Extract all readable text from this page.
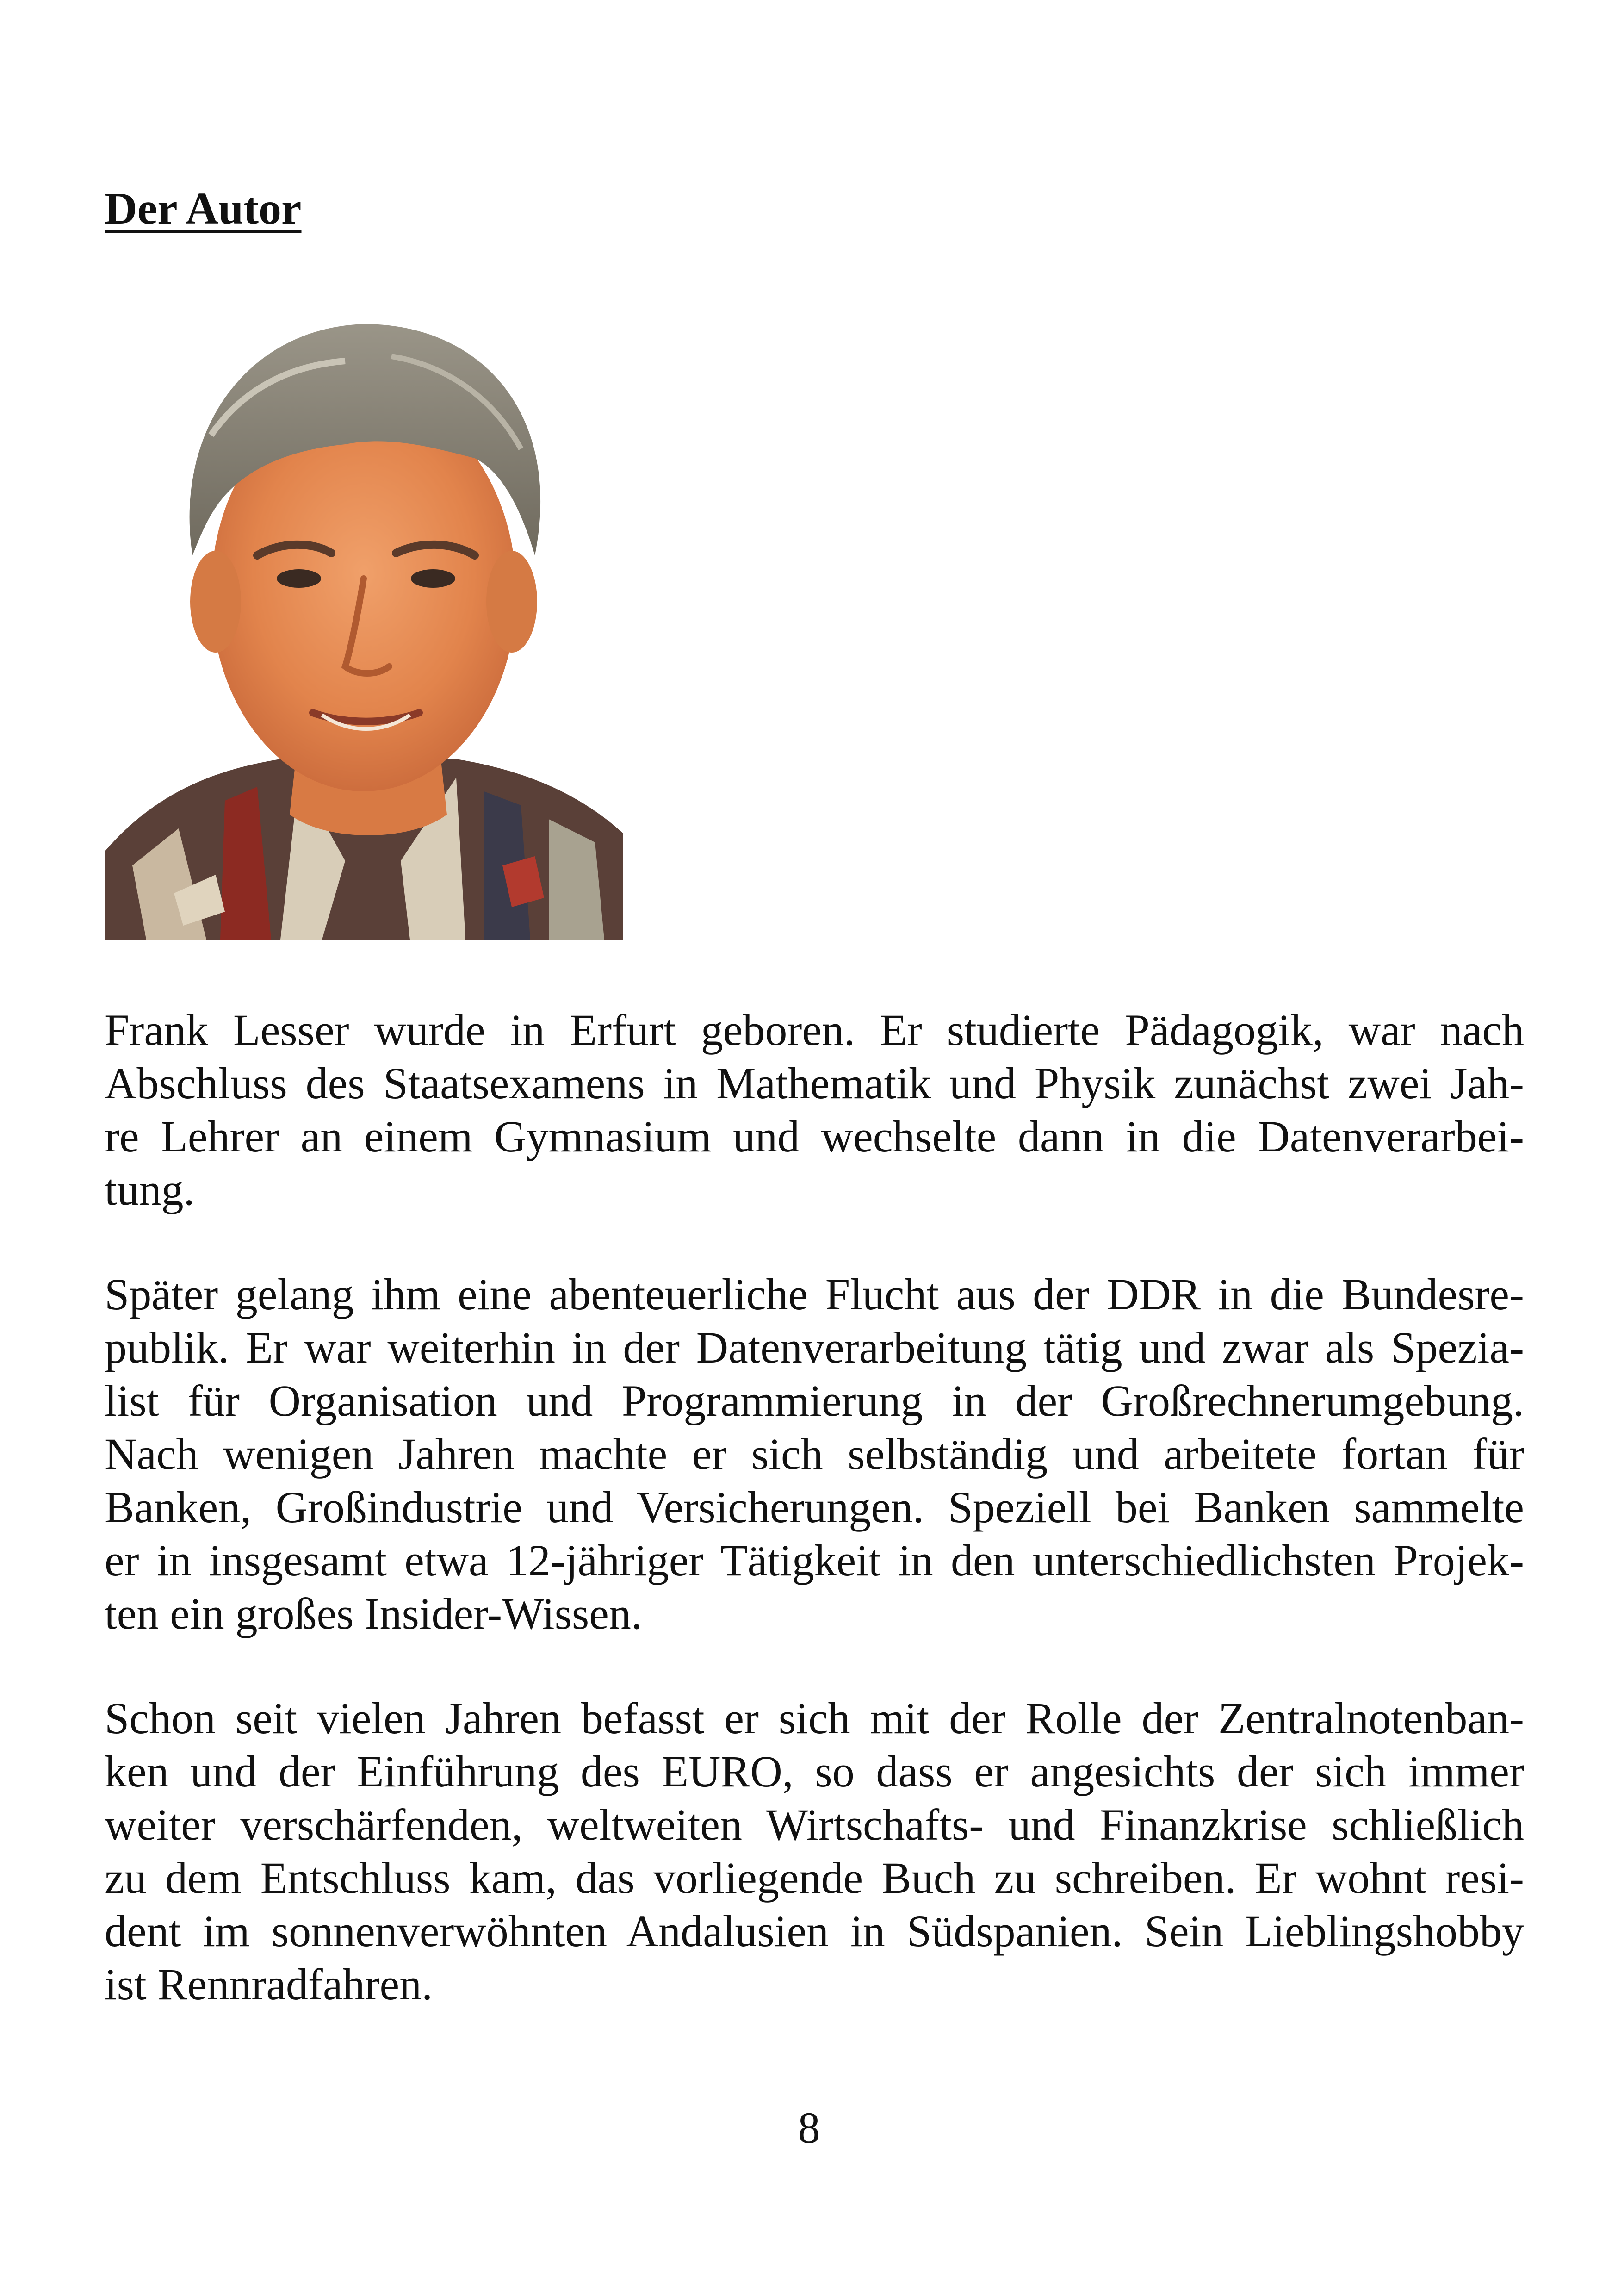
Der Autor

Frank Lesser wurde in Erfurt geboren. Er studierte Pädagogik, war nach
Abschluss des Staatsexamens in Mathematik und Physik zunächst zwei Jah-
re Lehrer an einem Gymnasium und wechselte dann in die Datenverarbei-
tung.

Später gelang ihm eine abenteuerliche Flucht aus der DDR in die Bundesre-
publik. Er war weiterhin in der Datenverarbeitung tätig und zwar als Spezia-
list für Organisation und Programmierung in der Großrechnerumgebung.
Nach wenigen Jahren machte er sich selbständig und arbeitete fortan für
Banken, Großindustrie und Versicherungen. Speziell bei Banken sammelte
er in insgesamt etwa 12-jähriger Tätigkeit in den unterschiedlichsten Projek-
ten ein großes Insider-Wissen.

Schon seit vielen Jahren befasst er sich mit der Rolle der Zentralnotenban-
ken und der Einführung des EURO, so dass er angesichts der sich immer
weiter verschärfenden, weltweiten Wirtschafts- und Finanzkrise schließlich
zu dem Entschluss kam, das vorliegende Buch zu schreiben. Er wohnt resi-
dent im sonnenverwöhnten Andalusien in Südspanien. Sein Lieblingshobby
ist Rennradfahren.

8
